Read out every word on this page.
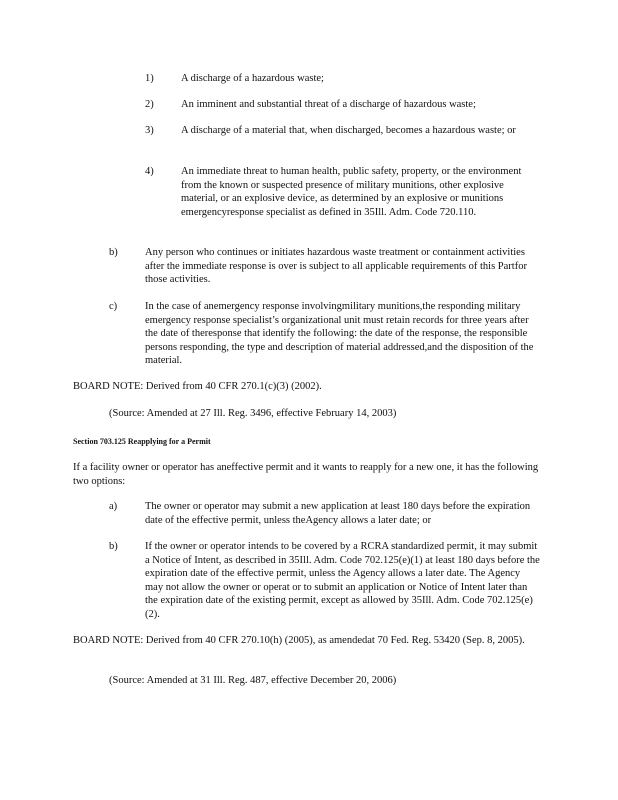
1)	A discharge of a hazardous waste;

2)	An imminent and substantial threat of a discharge of hazardous waste;

3)	A discharge of a material that, when discharged, becomes a hazardous waste; or

4)	An immediate threat to human health, public safety, property, or the environment from the known or suspected presence of military munitions, other explosive material, or an explosive device, as determined by an explosive or munitions emergencyresponse specialist as defined in 35Ill. Adm. Code 720.110.

b)	Any person who continues or initiates hazardous waste treatment or containment activities after the immediate response is over is subject to all applicable requirements of this Partfor those activities.

c)	In the case of anemergency response involvingmilitary munitions,the responding military emergency response specialist’s organizational unit must retain records for three years after the date of theresponse that identify the following: the date of the response, the responsible persons responding, the type and description of material addressed,and the disposition of the material.

BOARD NOTE: Derived from 40 CFR 270.1(c)(3) (2002).

(Source: Amended at 27 Ill. Reg. 3496, effective February 14, 2003)

Section 703.125 Reapplying for a Permit

If a facility owner or operator has aneffective permit and it wants to reapply for a new one, it has the following two options:

a)	The owner or operator may submit a new application at least 180 days before the expiration date of the effective permit, unless theAgency allows a later date; or

b)	If the owner or operator intends to be covered by a RCRA standardized permit, it may submit a Notice of Intent, as described in 35Ill. Adm. Code 702.125(e)(1) at least 180 days before the expiration date of the effective permit, unless the Agency allows a later date. The Agency may not allow the owner or operat or to submit an application or Notice of Intent later than the expiration date of the existing permit, except as allowed by 35Ill. Adm. Code 702.125(e)(2).

BOARD NOTE: Derived from 40 CFR 270.10(h) (2005), as amendedat 70 Fed. Reg. 53420 (Sep. 8, 2005).

(Source: Amended at 31 Ill. Reg. 487, effective December 20, 2006)
